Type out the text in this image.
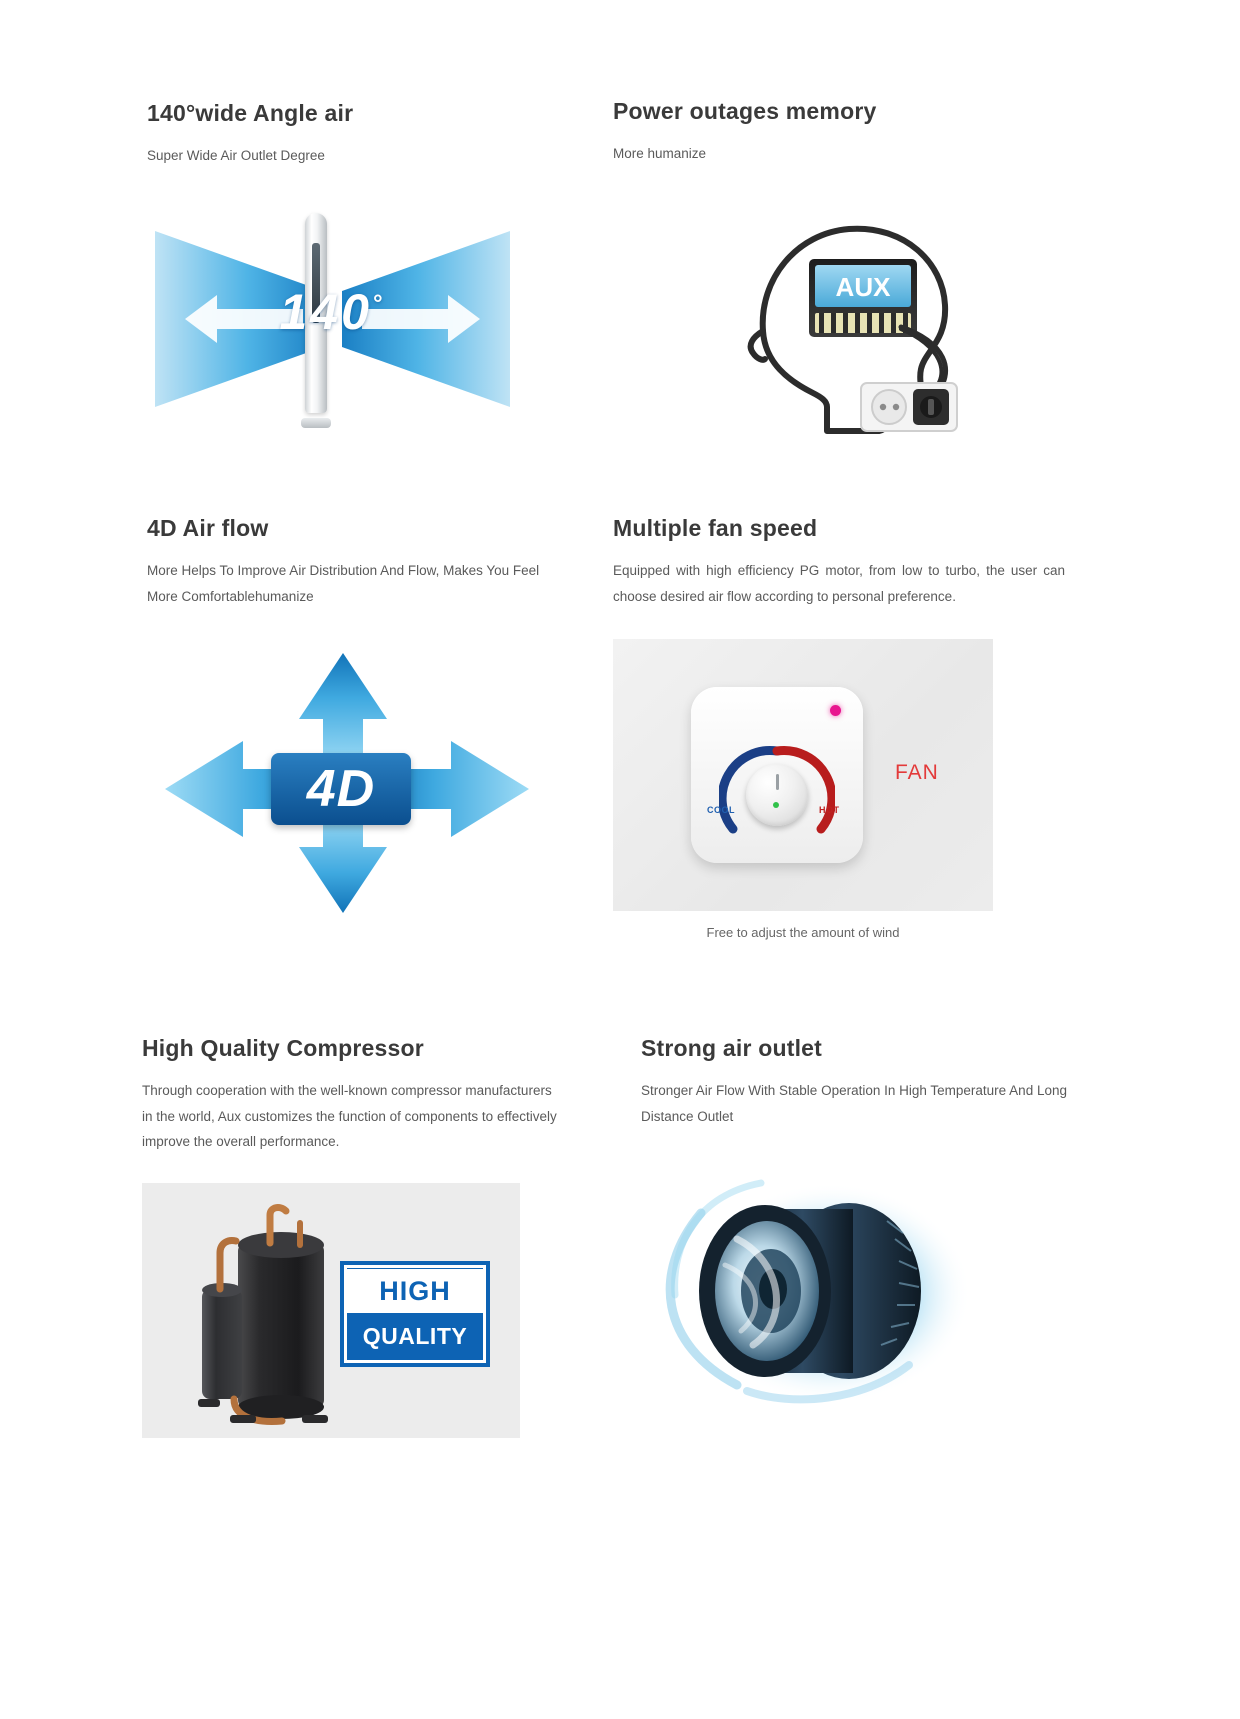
140°wide Angle air

Super Wide Air Outlet Degree

140°
Power outages memory

More humanize

AUX
4D Air flow

More Helps To Improve Air Distribution And Flow, Makes You Feel More Comfortablehumanize

4D
Multiple fan speed

Equipped with high efficiency PG motor, from low to turbo, the user can choose desired air flow according to personal preference.

COOL	HOT
FAN
Free to adjust the amount of wind
High Quality Compressor

Through cooperation with the well-known compressor manufacturers in the world, Aux customizes the function of components to effectively improve the overall performance.

HIGH
QUALITY
Strong air outlet

Stronger Air Flow With Stable Operation In High Temperature And Long Distance Outlet
